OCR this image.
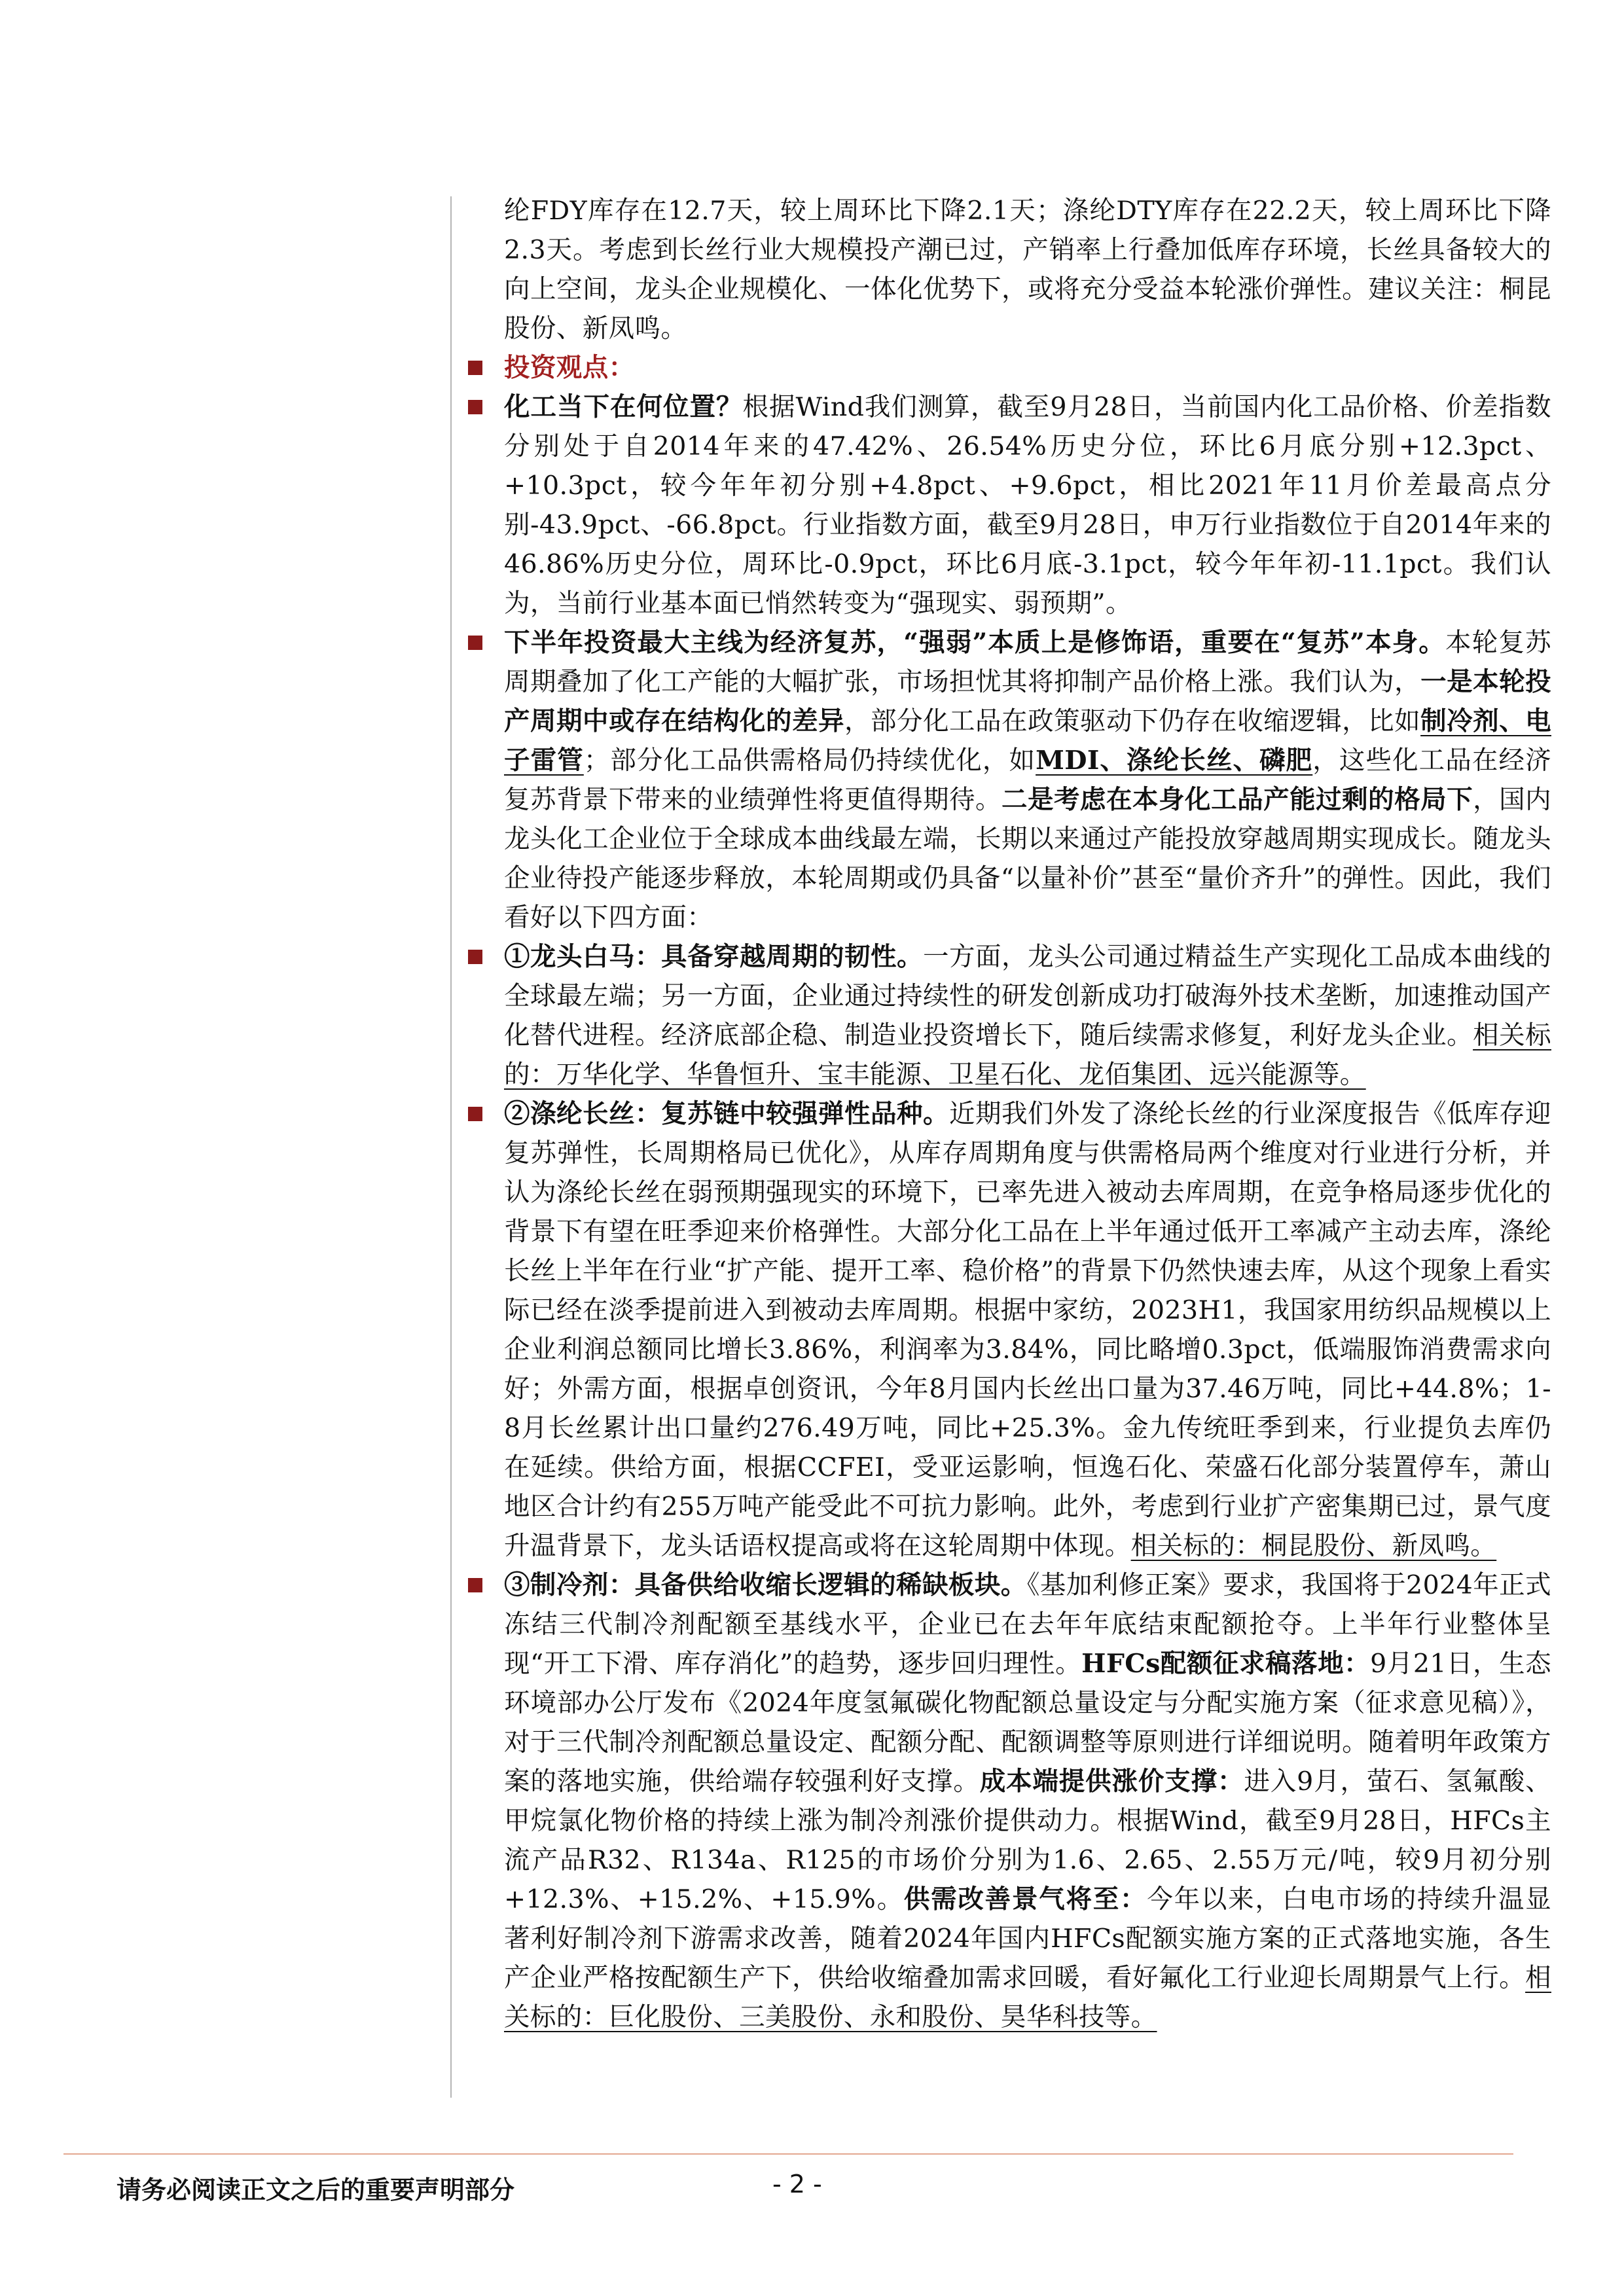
纶FDY库存在12.7天，较上周环比下降2.1天；涤纶DTY库存在22.2天，较上周环比下降2.3天。考虑到长丝行业大规模投产潮已过，产销率上行叠加低库存环境，长丝具备较大的向上空间，龙头企业规模化、一体化优势下，或将充分受益本轮涨价弹性。建议关注：桐昆股份、新凤鸣。

投资观点：

化工当下在何位置？根据Wind我们测算，截至9月28日，当前国内化工品价格、价差指数分别处于自2014年来的47.42%、26.54%历史分位，环比6月底分别+12.3pct、+10.3pct，较今年年初分别+4.8pct、+9.6pct，相比2021年11月价差最高点分别-43.9pct、-66.8pct。行业指数方面，截至9月28日，申万行业指数位于自2014年来的46.86%历史分位，周环比-0.9pct，环比6月底-3.1pct，较今年年初-11.1pct。我们认为，当前行业基本面已悄然转变为“强现实、弱预期”。

下半年投资最大主线为经济复苏，“强弱”本质上是修饰语，重要在“复苏”本身。本轮复苏周期叠加了化工产能的大幅扩张，市场担忧其将抑制产品价格上涨。我们认为，一是本轮投产周期中或存在结构化的差异，部分化工品在政策驱动下仍存在收缩逻辑，比如制冷剂、电子雷管；部分化工品供需格局仍持续优化，如MDI、涤纶长丝、磷肥，这些化工品在经济复苏背景下带来的业绩弹性将更值得期待。二是考虑在本身化工品产能过剩的格局下，国内龙头化工企业位于全球成本曲线最左端，长期以来通过产能投放穿越周期实现成长。随龙头企业待投产能逐步释放，本轮周期或仍具备“以量补价”甚至“量价齐升”的弹性。因此，我们看好以下四方面：

①龙头白马：具备穿越周期的韧性。一方面，龙头公司通过精益生产实现化工品成本曲线的全球最左端；另一方面，企业通过持续性的研发创新成功打破海外技术垄断，加速推动国产化替代进程。经济底部企稳、制造业投资增长下，随后续需求修复，利好龙头企业。相关标的：万华化学、华鲁恒升、宝丰能源、卫星石化、龙佰集团、远兴能源等。

②涤纶长丝：复苏链中较强弹性品种。近期我们外发了涤纶长丝的行业深度报告《低库存迎复苏弹性，长周期格局已优化》，从库存周期角度与供需格局两个维度对行业进行分析，并认为涤纶长丝在弱预期强现实的环境下，已率先进入被动去库周期，在竞争格局逐步优化的背景下有望在旺季迎来价格弹性。大部分化工品在上半年通过低开工率减产主动去库，涤纶长丝上半年在行业“扩产能、提开工率、稳价格”的背景下仍然快速去库，从这个现象上看实际已经在淡季提前进入到被动去库周期。根据中家纺，2023H1，我国家用纺织品规模以上企业利润总额同比增长3.86%，利润率为3.84%，同比略增0.3pct，低端服饰消费需求向好；外需方面，根据卓创资讯，今年8月国内长丝出口量为37.46万吨，同比+44.8%；1-8月长丝累计出口量约276.49万吨，同比+25.3%。金九传统旺季到来，行业提负去库仍在延续。供给方面，根据CCFEI，受亚运影响，恒逸石化、荣盛石化部分装置停车，萧山地区合计约有255万吨产能受此不可抗力影响。此外，考虑到行业扩产密集期已过，景气度升温背景下，龙头话语权提高或将在这轮周期中体现。相关标的：桐昆股份、新凤鸣。

③制冷剂：具备供给收缩长逻辑的稀缺板块。《基加利修正案》要求，我国将于2024年正式冻结三代制冷剂配额至基线水平，企业已在去年年底结束配额抢夺。上半年行业整体呈现“开工下滑、库存消化”的趋势，逐步回归理性。HFCs配额征求稿落地：9月21日，生态环境部办公厅发布《2024年度氢氟碳化物配额总量设定与分配实施方案（征求意见稿）》，对于三代制冷剂配额总量设定、配额分配、配额调整等原则进行详细说明。随着明年政策方案的落地实施，供给端存较强利好支撑。成本端提供涨价支撑：进入9月，萤石、氢氟酸、甲烷氯化物价格的持续上涨为制冷剂涨价提供动力。根据Wind，截至9月28日，HFCs主流产品R32、R134a、R125的市场价分别为1.6、2.65、2.55万元/吨，较9月初分别+12.3%、+15.2%、+15.9%。供需改善景气将至：今年以来，白电市场的持续升温显著利好制冷剂下游需求改善，随着2024年国内HFCs配额实施方案的正式落地实施，各生产企业严格按配额生产下，供给收缩叠加需求回暖，看好氟化工行业迎长周期景气上行。相关标的：巨化股份、三美股份、永和股份、昊华科技等。

请务必阅读正文之后的重要声明部分	- 2 -
